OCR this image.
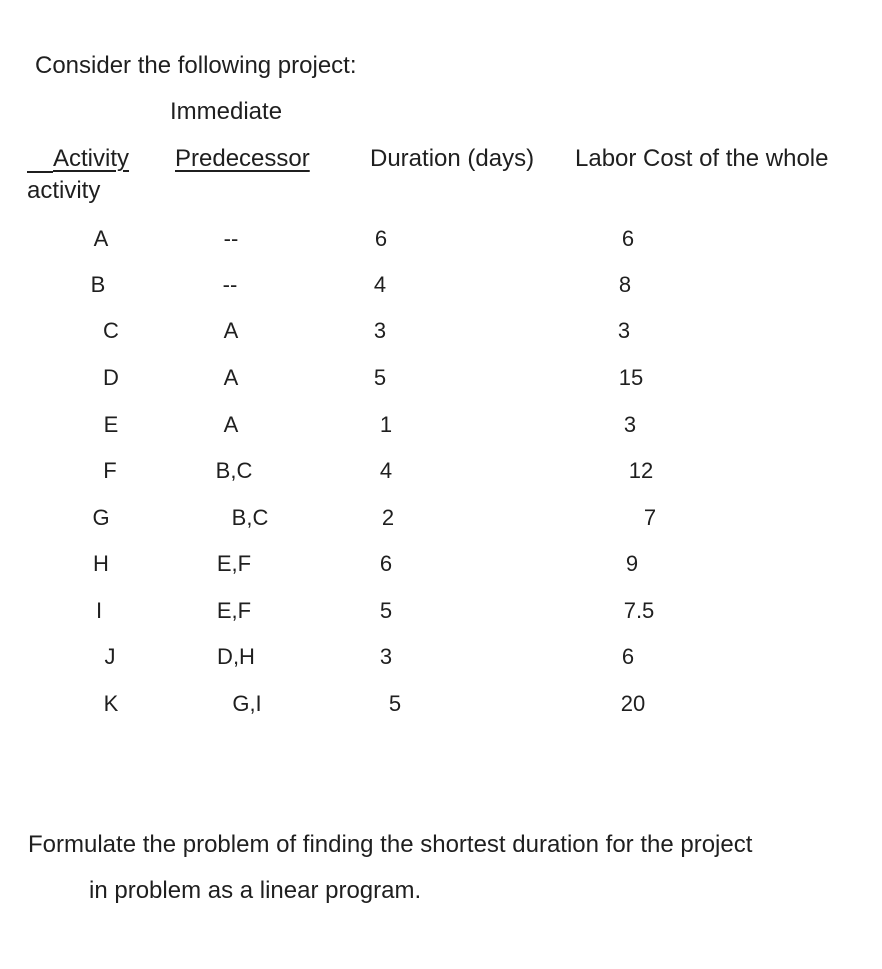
Consider the following project:
Immediate
Activity Predecessor	Duration (days) Labor Cost of the whole
activity
A	--	6	6
B	--	4	8
C	A	3	3
D	A	5	15
E	A	1	3
F	B,C	4	12
G	B,C	2	7
H	E,F	6	9
I	E,F	5	7.5
J	D,H	3	6
K	G,I	5	20
Formulate the problem of finding the shortest duration for the project
in problem as a linear program.
